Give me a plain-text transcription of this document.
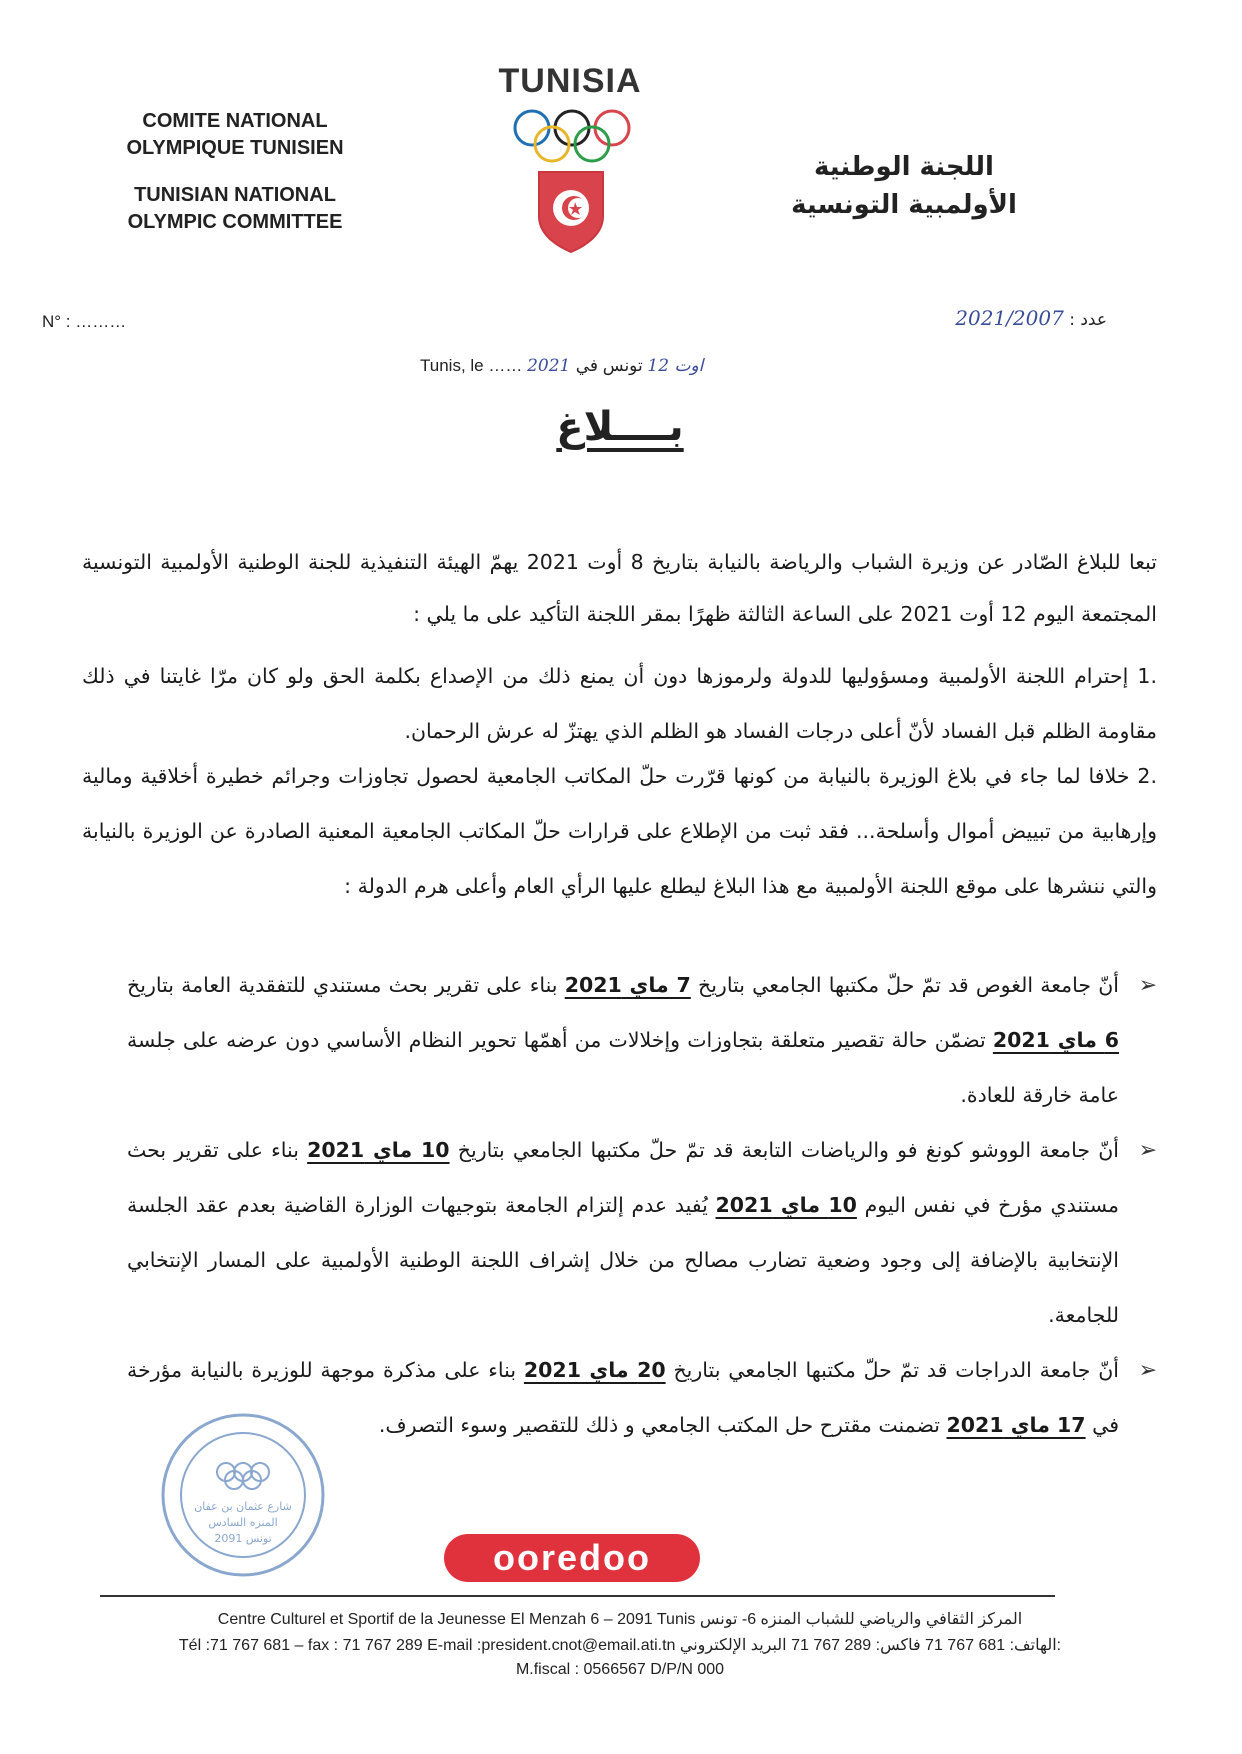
COMITE NATIONAL
OLYMPIQUE TUNISIEN
TUNISIAN NATIONAL
OLYMPIC COMMITTEE
TUNISIA
اللجنة الوطنية
الأولمبية التونسية
N° : ………	عدد : 2021/2007
Tunis, le …… 2021 اوت 12 تونس في
بــــلاغ
تبعا للبلاغ الصّادر عن وزيرة الشباب والرياضة بالنيابة بتاريخ 8 أوت 2021 يهمّ الهيئة التنفيذية للجنة الوطنية الأولمبية التونسية المجتمعة اليوم 12 أوت 2021 على الساعة الثالثة ظهرًا بمقر اللجنة التأكيد على ما يلي :
.1 إحترام اللجنة الأولمبية ومسؤوليها للدولة ولرموزها دون أن يمنع ذلك من الإصداع بكلمة الحق ولو كان مرّا غايتنا في ذلك مقاومة الظلم قبل الفساد لأنّ أعلى درجات الفساد هو الظلم الذي يهتزّ له عرش الرحمان.
.2 خلافا لما جاء في بلاغ الوزيرة بالنيابة من كونها قرّرت حلّ المكاتب الجامعية لحصول تجاوزات وجرائم خطيرة أخلاقية ومالية وإرهابية من تبييض أموال وأسلحة... فقد ثبت من الإطلاع على قرارات حلّ المكاتب الجامعية المعنية الصادرة عن الوزيرة بالنيابة والتي ننشرها على موقع اللجنة الأولمبية مع هذا البلاغ ليطلع عليها الرأي العام وأعلى هرم الدولة :
➢
أنّ جامعة الغوص قد تمّ حلّ مكتبها الجامعي بتاريخ 7 ماي 2021 بناء على تقرير بحث مستندي للتفقدية العامة بتاريخ 6 ماي 2021 تضمّن حالة تقصير متعلقة بتجاوزات وإخلالات من أهمّها تحوير النظام الأساسي دون عرضه على جلسة عامة خارقة للعادة.
➢
أنّ جامعة الووشو كونغ فو والرياضات التابعة قد تمّ حلّ مكتبها الجامعي بتاريخ 10 ماي 2021 بناء على تقرير بحث مستندي مؤرخ في نفس اليوم 10 ماي 2021 يُفيد عدم إلتزام الجامعة بتوجيهات الوزارة القاضية بعدم عقد الجلسة الإنتخابية بالإضافة إلى وجود وضعية تضارب مصالح من خلال إشراف اللجنة الوطنية الأولمبية على المسار الإنتخابي للجامعة.
➢
أنّ جامعة الدراجات قد تمّ حلّ مكتبها الجامعي بتاريخ 20 ماي 2021 بناء على مذكرة موجهة للوزيرة بالنيابة مؤرخة في 17 ماي 2021 تضمنت مقترح حل المكتب الجامعي و ذلك للتقصير وسوء التصرف.
شارع عثمان بن عفان
المنزه السادس
2091 تونس	ooredoo
Centre Culturel et Sportif de la Jeunesse El Menzah 6 – 2091 Tunis المركز الثقافي والرياضي للشباب المنزه 6- تونس
Tél :71 767 681 – fax : 71 767 289 E-mail :president.cnot@email.ati.tn الهاتف: 681 767 71 فاكس: 289 767 71 البريد الإلكتروني:
M.fiscal : 0566567 D/P/N 000
